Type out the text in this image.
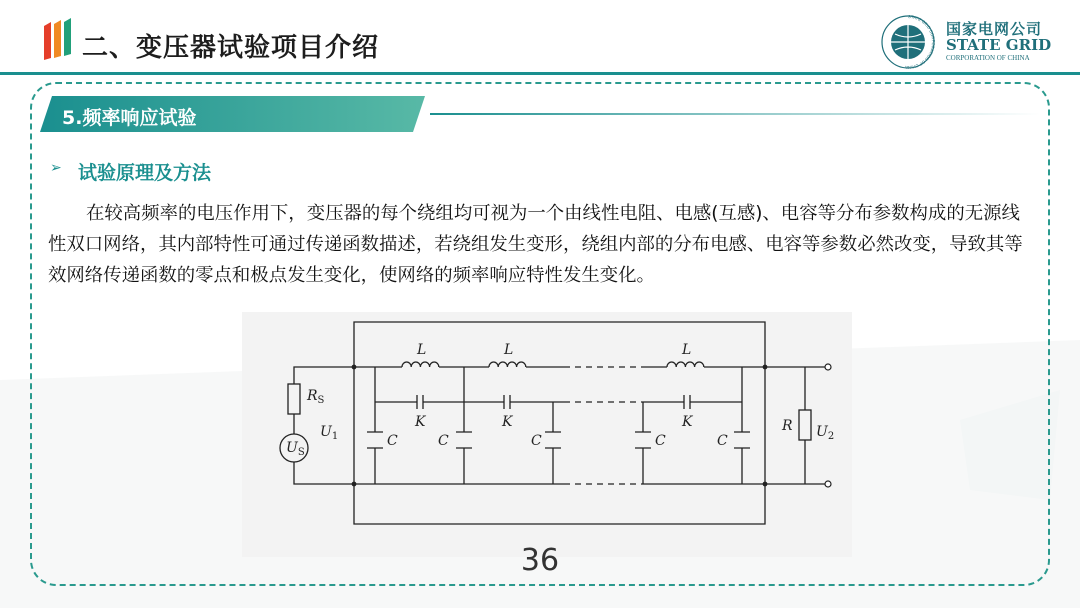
二、变压器试验项目介绍
STATE GRID CORPORATION OF CHINA
国家电网公司
STATE GRID
CORPORATION OF CHINA
5.频率响应试验
➢ 试验原理及方法
在较高频率的电压作用下，变压器的每个绕组均可视为一个由线性电阻、电感(互感)、电容等分布参数构成的无源线性双口网络，其内部特性可通过传递函数描述，若绕组发生变形，绕组内部的分布电感、电容等参数必然改变，导致其等效网络传递函数的零点和极点发生变化，使网络的频率响应特性发生变化。
$R_S$
$U_S$
$U_1$	$U_2$
R
L	L	L
K	K	K
C	C	C	C	C
36
